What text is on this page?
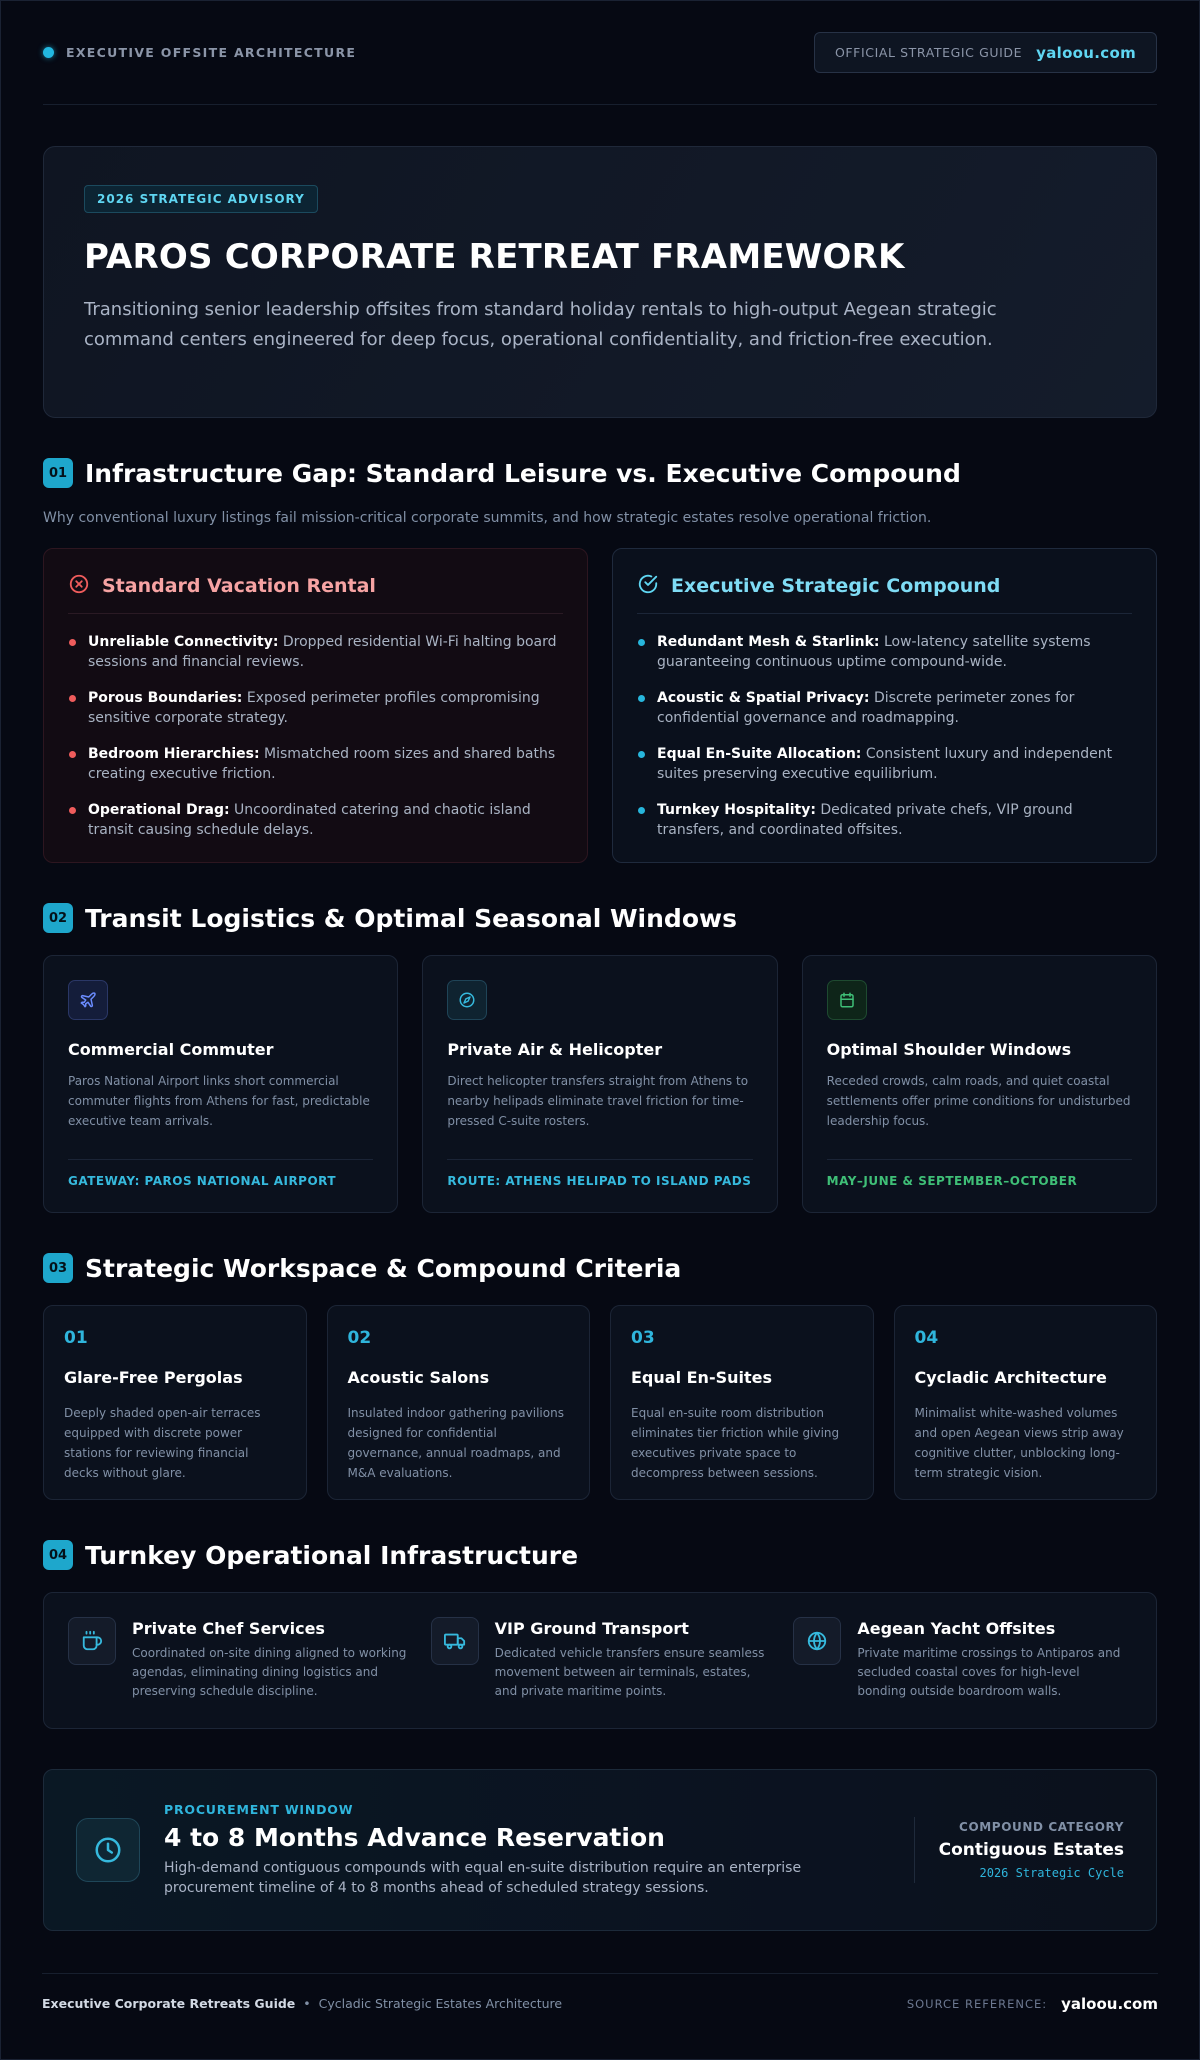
EXECUTIVE OFFSITE ARCHITECTURE	OFFICIAL STRATEGIC GUIDE yaloou.com
2026 STRATEGIC ADVISORY
PAROS CORPORATE RETREAT FRAMEWORK

Transitioning senior leadership offsites from standard holiday rentals to high-output Aegean strategic command centers engineered for deep focus, operational confidentiality, and friction-free execution.

01 Infrastructure Gap: Standard Leisure vs. Executive Compound

Why conventional luxury listings fail mission-critical corporate summits, and how strategic estates resolve operational friction.

Standard Vacation Rental
Unreliable Connectivity: Dropped residential Wi-Fi halting board sessions and financial reviews.
Porous Boundaries: Exposed perimeter profiles compromising sensitive corporate strategy.
Bedroom Hierarchies: Mismatched room sizes and shared baths creating executive friction.
Operational Drag: Uncoordinated catering and chaotic island transit causing schedule delays.
Executive Strategic Compound
Redundant Mesh & Starlink: Low-latency satellite systems guaranteeing continuous uptime compound-wide.
Acoustic & Spatial Privacy: Discrete perimeter zones for confidential governance and roadmapping.
Equal En-Suite Allocation: Consistent luxury and independent suites preserving executive equilibrium.
Turnkey Hospitality: Dedicated private chefs, VIP ground transfers, and coordinated offsites.
02 Transit Logistics & Optimal Seasonal Windows
Commercial Commuter

Paros National Airport links short commercial commuter flights from Athens for fast, predictable executive team arrivals.

GATEWAY: PAROS NATIONAL AIRPORT
Private Air & Helicopter

Direct helicopter transfers straight from Athens to nearby helipads eliminate travel friction for time-pressed C-suite rosters.

ROUTE: ATHENS HELIPAD TO ISLAND PADS
Optimal Shoulder Windows

Receded crowds, calm roads, and quiet coastal settlements offer prime conditions for undisturbed leadership focus.

MAY–JUNE & SEPTEMBER–OCTOBER
03 Strategic Workspace & Compound Criteria
01
Glare-Free Pergolas

Deeply shaded open-air terraces equipped with discrete power stations for reviewing financial decks without glare.

02
Acoustic Salons

Insulated indoor gathering pavilions designed for confidential governance, annual roadmaps, and M&A evaluations.

03
Equal En-Suites

Equal en-suite room distribution eliminates tier friction while giving executives private space to decompress between sessions.

04
Cycladic Architecture

Minimalist white-washed volumes and open Aegean views strip away cognitive clutter, unblocking long-term strategic vision.

04 Turnkey Operational Infrastructure
Private Chef Services

Coordinated on-site dining aligned to working agendas, eliminating dining logistics and preserving schedule discipline.

VIP Ground Transport

Dedicated vehicle transfers ensure seamless movement between air terminals, estates, and private maritime points.

Aegean Yacht Offsites

Private maritime crossings to Antiparos and secluded coastal coves for high-level bonding outside boardroom walls.

PROCUREMENT WINDOW
4 to 8 Months Advance Reservation

High-demand contiguous compounds with equal en-suite distribution require an enterprise procurement timeline of 4 to 8 months ahead of scheduled strategy sessions.

COMPOUND CATEGORY
Contiguous Estates
2026 Strategic Cycle
Executive Corporate Retreats Guide • Cycladic Strategic Estates Architecture	SOURCE REFERENCE: yaloou.com
